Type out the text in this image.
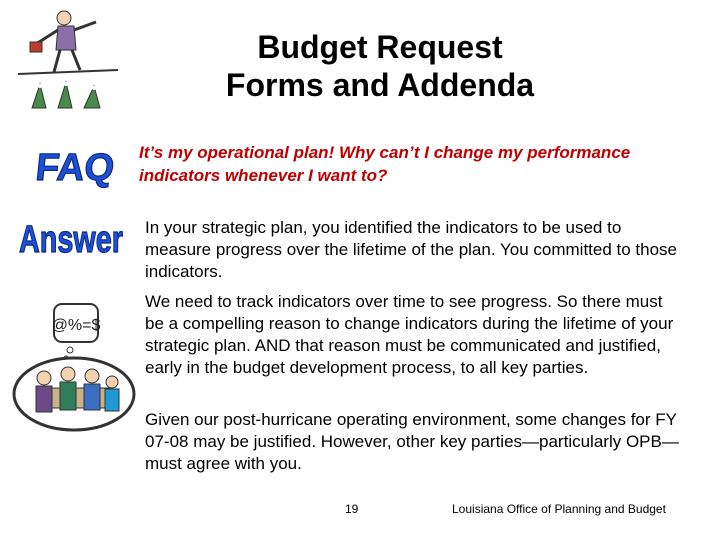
FAQ
Answer
@%=$
Budget Request
Forms and Addenda
It’s my operational plan! Why can’t I change my performance indicators whenever I want to?
In your strategic plan, you identified the indicators to be used to measure progress over the lifetime of the plan. You committed to those indicators.
We need to track indicators over time to see progress. So there must be a compelling reason to change indicators during the lifetime of your strategic plan. AND that reason must be communicated and justified, early in the budget development process, to all key parties.
Given our post-hurricane operating environment, some changes for FY 07-08 may be justified. However, other key parties—particularly OPB—must agree with you.
19	Louisiana Office of Planning and Budget
